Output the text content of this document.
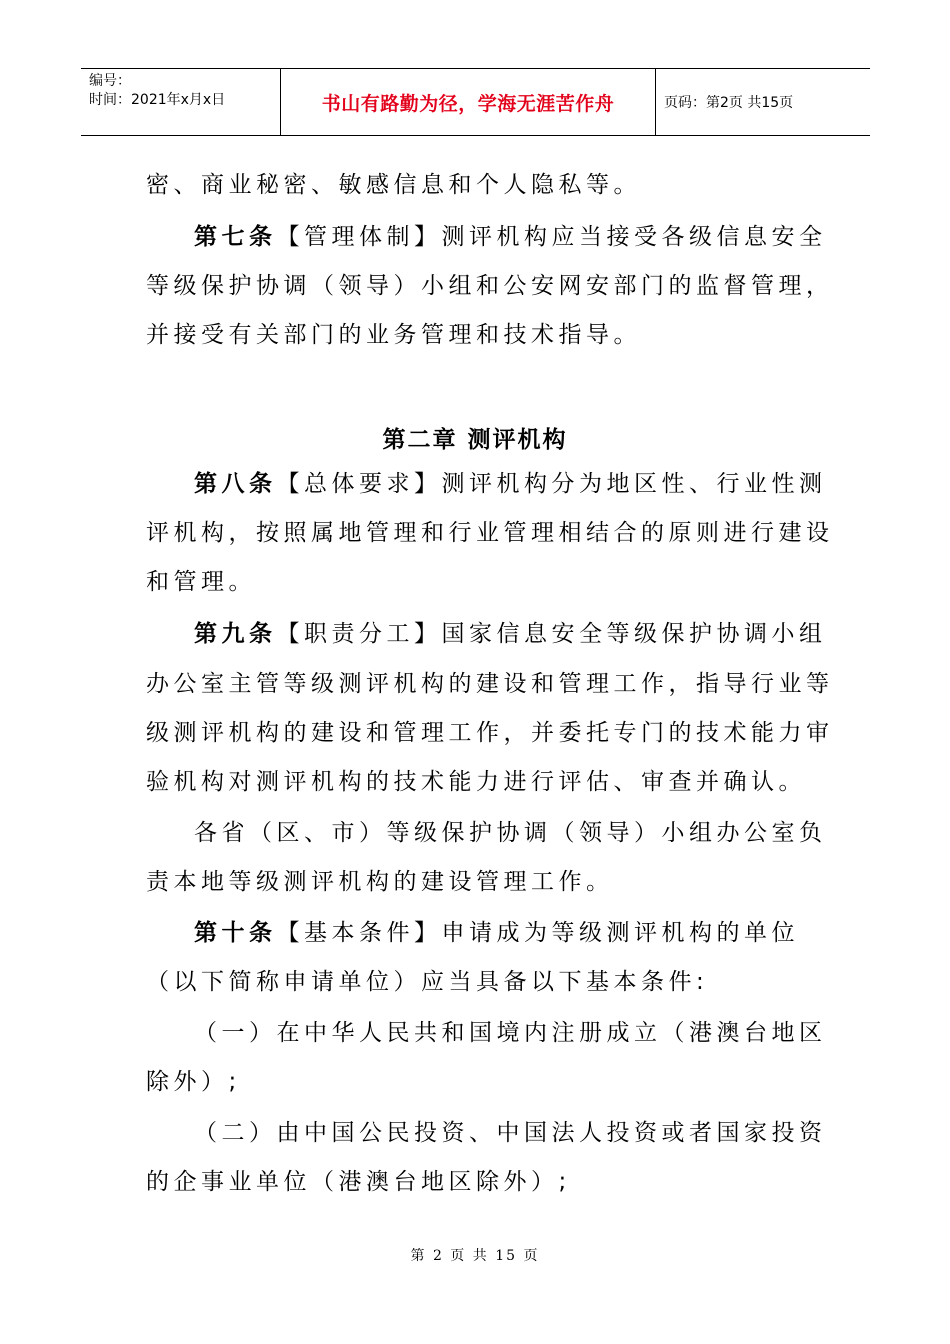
编号：
时间：2021年x月x日	书山有路勤为径，学海无涯苦作舟	页码：第2页 共15页
密、商业秘密、敏感信息和个人隐私等。
第七条【管理体制】测评机构应当接受各级信息安全
等级保护协调（领导）小组和公安网安部门的监督管理，
并接受有关部门的业务管理和技术指导。
第二章 测评机构
第八条【总体要求】测评机构分为地区性、行业性测
评机构，按照属地管理和行业管理相结合的原则进行建设
和管理。
第九条【职责分工】国家信息安全等级保护协调小组
办公室主管等级测评机构的建设和管理工作，指导行业等
级测评机构的建设和管理工作，并委托专门的技术能力审
验机构对测评机构的技术能力进行评估、审查并确认。
各省（区、市）等级保护协调（领导）小组办公室负
责本地等级测评机构的建设管理工作。
第十条【基本条件】申请成为等级测评机构的单位
（以下简称申请单位）应当具备以下基本条件:
（一）在中华人民共和国境内注册成立（港澳台地区
除外）;
（二）由中国公民投资、中国法人投资或者国家投资
的企事业单位（港澳台地区除外）;
第 2 页 共 15 页
